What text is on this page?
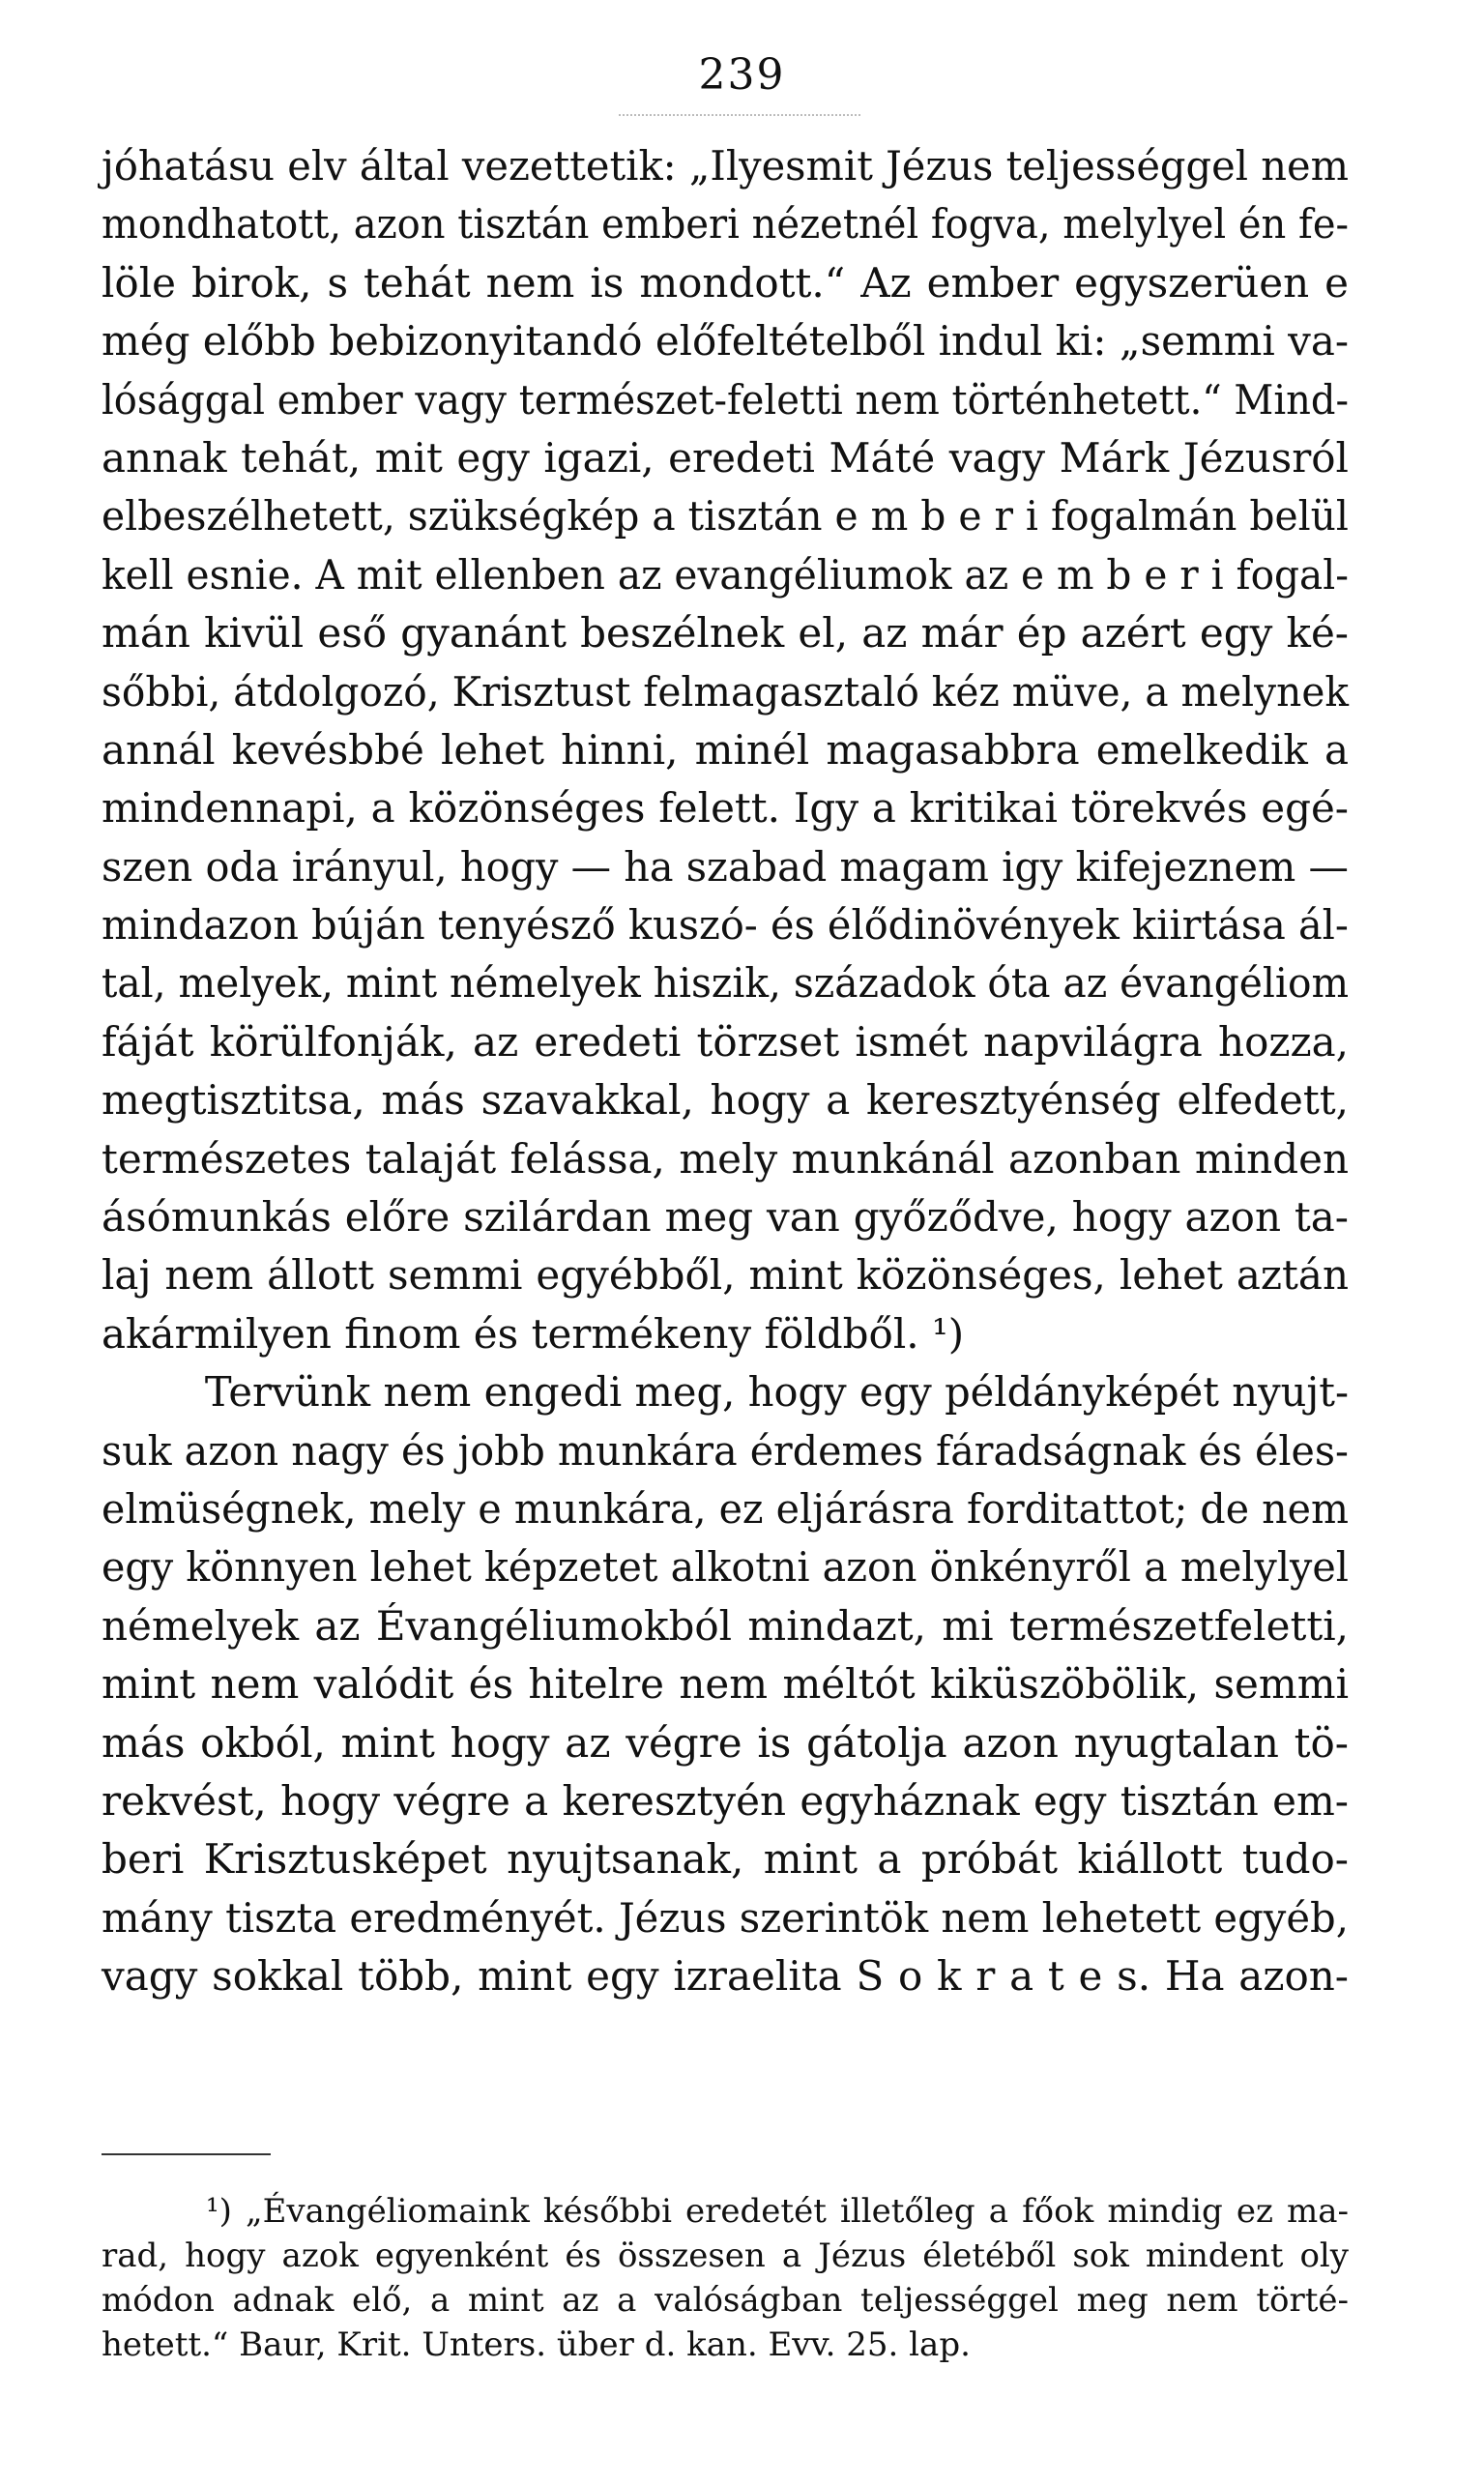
239
jóhatásu elv által vezettetik: „Ilyesmit Jézus teljességgel nem
mondhatott, azon tisztán emberi nézetnél fogva, melylyel én fe-
löle birok, s tehát nem is mondott.“ Az ember egyszerüen e
még előbb bebizonyitandó előfeltételből indul ki: „semmi va-
lósággal ember vagy természet-feletti nem történhetett.“ Mind-
annak tehát, mit egy igazi, eredeti Máté vagy Márk Jézusról
elbeszélhetett, szükségkép a tisztán e m b e r i fogalmán belül
kell esnie. A mit ellenben az evangéliumok az e m b e r i fogal-
mán kivül eső gyanánt beszélnek el, az már ép azért egy ké-
sőbbi, átdolgozó, Krisztust felmagasztaló kéz müve, a melynek
annál kevésbbé lehet hinni, minél magasabbra emelkedik a
mindennapi, a közönséges felett. Igy a kritikai törekvés egé-
szen oda irányul, hogy — ha szabad magam igy kifejeznem —
mindazon búján tenyésző kuszó- és élődinövények kiirtása ál-
tal, melyek, mint némelyek hiszik, századok óta az évangéliom
fáját körülfonják, az eredeti törzset ismét napvilágra hozza,
megtisztitsa, más szavakkal, hogy a keresztyénség elfedett,
természetes talaját felássa, mely munkánál azonban minden
ásómunkás előre szilárdan meg van győződve, hogy azon ta-
laj nem állott semmi egyébből, mint közönséges, lehet aztán
akármilyen finom és termékeny földből. ¹)
Tervünk nem engedi meg, hogy egy példányképét nyujt-
suk azon nagy és jobb munkára érdemes fáradságnak és éles-
elmüségnek, mely e munkára, ez eljárásra forditattot; de nem
egy könnyen lehet képzetet alkotni azon önkényről a melylyel
némelyek az Évangéliumokból mindazt, mi természetfeletti,
mint nem valódit és hitelre nem méltót kiküszöbölik, semmi
más okból, mint hogy az végre is gátolja azon nyugtalan tö-
rekvést, hogy végre a keresztyén egyháznak egy tisztán em-
beri Krisztusképet nyujtsanak, mint a próbát kiállott tudo-
mány tiszta eredményét. Jézus szerintök nem lehetett egyéb,
vagy sokkal több, mint egy izraelita S o k r a t e s. Ha azon-
¹) „Évangéliomaink későbbi eredetét illetőleg a főok mindig ez ma-
rad, hogy azok egyenként és összesen a Jézus életéből sok mindent oly
módon adnak elő, a mint az a valóságban teljességgel meg nem törté-
hetett.“ Baur, Krit. Unters. über d. kan. Evv. 25. lap.
